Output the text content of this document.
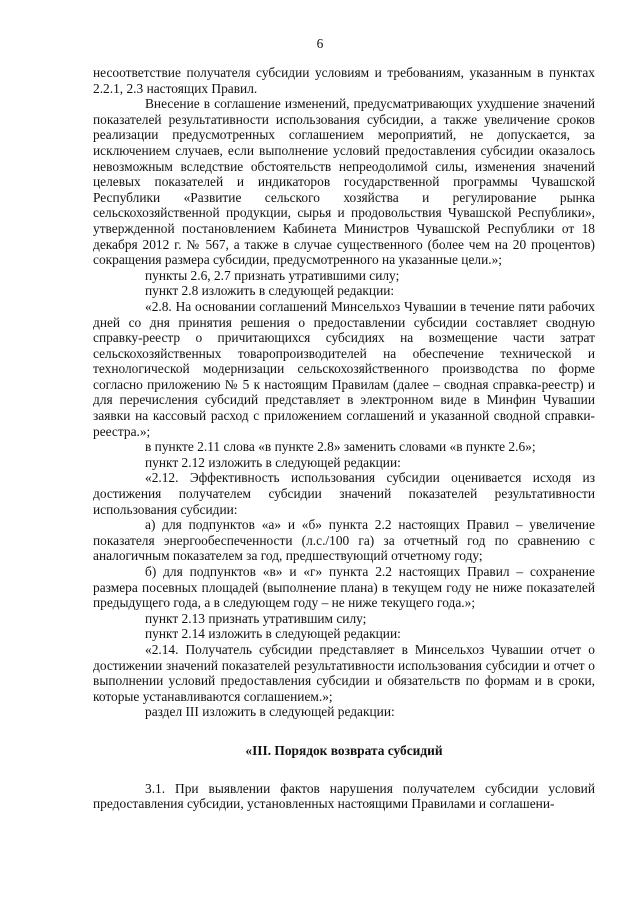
6

несоответствие получателя субсидии условиям и требованиям, указанным в пунктах 2.2.1, 2.3 настоящих Правил.

Внесение в соглашение изменений, предусматривающих ухудшение значений показателей результативности использования субсидии, а также увеличение сроков реализации предусмотренных соглашением мероприятий, не допускается, за исключением случаев, если выполнение условий предоставления субсидии оказалось невозможным вследствие обстоятельств непреодолимой силы, изменения значений целевых показателей и индикаторов государственной программы Чувашской Республики «Развитие сельского хозяйства и регулирование рынка сельскохозяйственной продукции, сырья и продовольствия Чувашской Республики», утвержденной постановлением Кабинета Министров Чувашской Республики от 18 декабря 2012 г. № 567, а также в случае существенного (более чем на 20 процентов) сокращения размера субсидии, предусмотренного на указанные цели.»;

пункты 2.6, 2.7 признать утратившими силу;

пункт 2.8 изложить в следующей редакции:

«2.8. На основании соглашений Минсельхоз Чувашии в течение пяти рабочих дней со дня принятия решения о предоставлении субсидии составляет сводную справку-реестр о причитающихся субсидиях на возмещение части затрат сельскохозяйственных товаропроизводителей на обеспечение технической и технологической модернизации сельскохозяйственного производства по форме согласно приложению № 5 к настоящим Правилам (далее – сводная справка-реестр) и для перечисления субсидий представляет в электронном виде в Минфин Чувашии заявки на кассовый расход с приложением соглашений и указанной сводной справки-реестра.»;

в пункте 2.11 слова «в пункте 2.8» заменить словами «в пункте 2.6»;

пункт 2.12 изложить в следующей редакции:

«2.12. Эффективность использования субсидии оценивается исходя из достижения получателем субсидии значений показателей результативности использования субсидии:

а) для подпунктов «а» и «б» пункта 2.2 настоящих Правил – увеличение показателя энергообеспеченности (л.с./100 га) за отчетный год по сравнению с аналогичным показателем за год, предшествующий отчетному году;

б) для подпунктов «в» и «г» пункта 2.2 настоящих Правил – сохранение размера посевных площадей (выполнение плана) в текущем году не ниже показателей предыдущего года, а в следующем году – не ниже текущего года.»;

пункт 2.13 признать утратившим силу;

пункт 2.14 изложить в следующей редакции:

«2.14. Получатель субсидии представляет в Минсельхоз Чувашии отчет о достижении значений показателей результативности использования субсидии и отчет о выполнении условий предоставления субсидии и обязательств по формам и в сроки, которые устанавливаются соглашением.»;

раздел III изложить в следующей редакции:

«III. Порядок возврата субсидий

3.1. При выявлении фактов нарушения получателем субсидии условий предоставления субсидии, установленных настоящими Правилами и соглашени-
